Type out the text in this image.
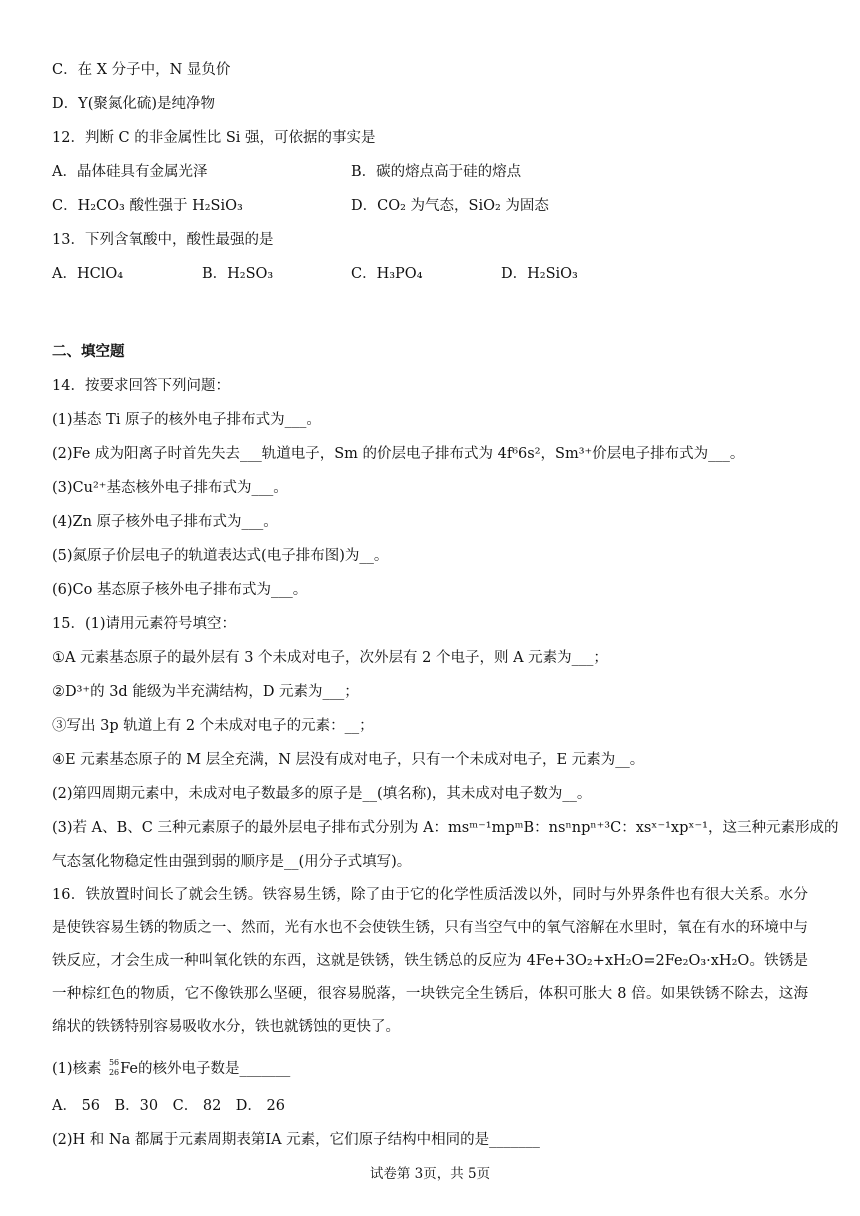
C．在 X 分子中，N 显负价
D．Y(聚氮化硫)是纯净物
12．判断 C 的非金属性比 Si 强，可依据的事实是
A．晶体硅具有金属光泽	B．碳的熔点高于硅的熔点
C．H₂CO₃ 酸性强于 H₂SiO₃	D．CO₂ 为气态，SiO₂ 为固态
13．下列含氧酸中，酸性最强的是
A．HClO₄	B．H₂SO₃	C．H₃PO₄	D．H₂SiO₃
二、填空题
14．按要求回答下列问题：
(1)基态 Ti 原子的核外电子排布式为___。
(2)Fe 成为阳离子时首先失去___轨道电子，Sm 的价层电子排布式为 4f⁶6s²，Sm³⁺价层电子排布式为___。
(3)Cu²⁺基态核外电子排布式为___。
(4)Zn 原子核外电子排布式为___。
(5)氮原子价层电子的轨道表达式(电子排布图)为__。
(6)Co 基态原子核外电子排布式为___。
15．(1)请用元素符号填空：
①A 元素基态原子的最外层有 3 个未成对电子，次外层有 2 个电子，则 A 元素为___；
②D³⁺的 3d 能级为半充满结构，D 元素为___；
③写出 3p 轨道上有 2 个未成对电子的元素：__；
④E 元素基态原子的 M 层全充满，N 层没有成对电子，只有一个未成对电子，E 元素为__。
(2)第四周期元素中，未成对电子数最多的原子是__(填名称)，其未成对电子数为__。
(3)若 A、B、C 三种元素原子的最外层电子排布式分别为 A：msᵐ⁻¹mpᵐB：nsⁿnpⁿ⁺³C：xsˣ⁻¹xpˣ⁻¹，这三种元素形成的
气态氢化物稳定性由强到弱的顺序是__(用分子式填写)。
16．铁放置时间长了就会生锈。铁容易生锈，除了由于它的化学性质活泼以外，同时与外界条件也有很大关系。水分是使铁容易生锈的物质之一、然而，光有水也不会使铁生锈，只有当空气中的氧气溶解在水里时，氧在有水的环境中与铁反应，才会生成一种叫氧化铁的东西，这就是铁锈，铁生锈总的反应为 4Fe+3O₂+xH₂O=2Fe₂O₃·xH₂O。铁锈是一种棕红色的物质，它不像铁那么坚硬，很容易脱落，一块铁完全生锈后，体积可胀大 8 倍。如果铁锈不除去，这海绵状的铁锈特别容易吸收水分，铁也就锈蚀的更快了。
(1)核素 56
26 Fe的核外电子数是_______
A． 56　B．30　C． 82　D． 26
(2)H 和 Na 都属于元素周期表第ⅠA 元素，它们原子结构中相同的是_______
试卷第 3页，共 5页
